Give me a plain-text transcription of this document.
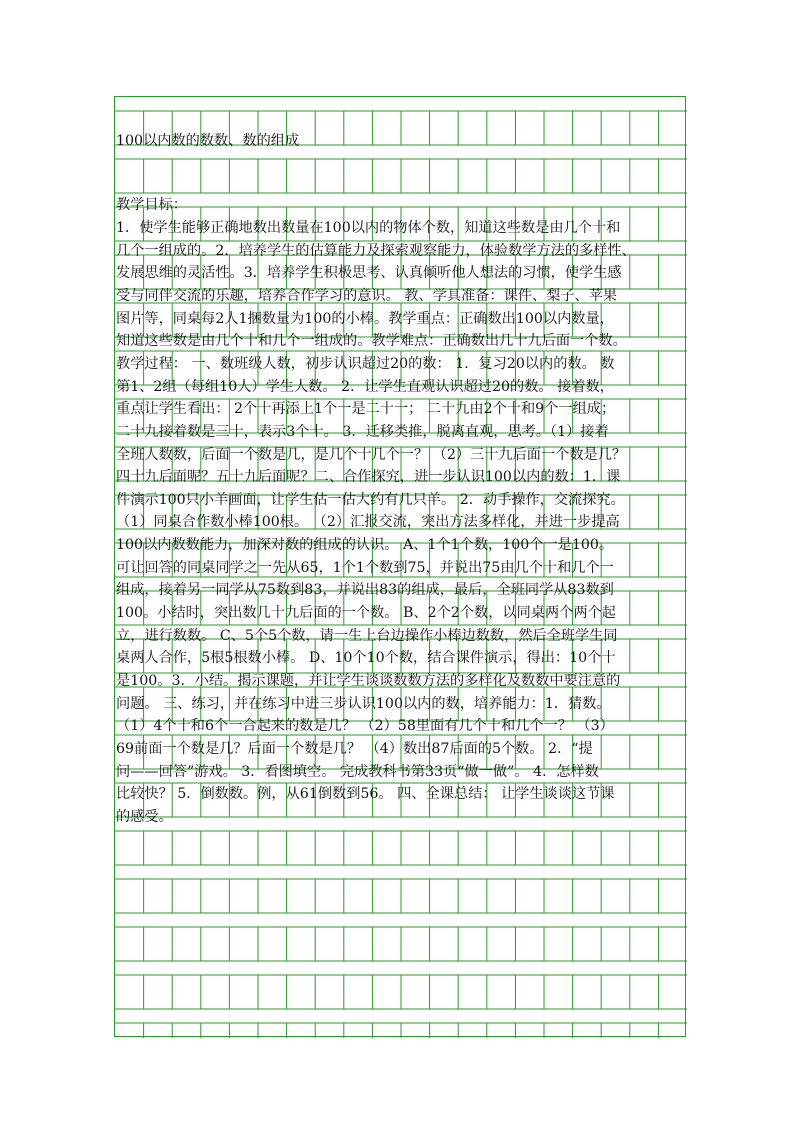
100以内数的数数、数的组成
教学目标：
1．使学生能够正确地数出数量在100以内的物体个数，知道这些数是由几个十和
几个一组成的。2．培养学生的估算能力及探索观察能力，体验数学方法的多样性、
发展思维的灵活性。3．培养学生积极思考、认真倾听他人想法的习惯，使学生感
受与同伴交流的乐趣，培养合作学习的意识。 教、学具准备：课件、梨子、苹果
图片等，同桌每2人1捆数量为100的小棒。教学重点：正确数出100以内数量，
知道这些数是由几个十和几个一组成的。教学难点：正确数出几十九后面一个数。
教学过程： 一、数班级人数，初步认识超过20的数： 1．复习20以内的数。 数
第1、2组（每组10人）学生人数。 2．让学生直观认识超过20的数。 接着数，
重点让学生看出： 2个十再添上1个一是二十一； 二十九由2个十和9个一组成；
二十九接着数是三十，表示3个十。 3．迁移类推，脱离直观，思考。（1）接着
全班人数数，后面一个数是几，是几个十几个一？ （2）三十九后面一个数是几？
四十九后面呢？五十九后面呢？二、合作探究，进一步认识100以内的数：1．课
件演示100只小羊画面，让学生估一估大约有几只羊。 2．动手操作，交流探究。
（1）同桌合作数小棒100根。 （2）汇报交流，突出方法多样化，并进一步提高
100以内数数能力，加深对数的组成的认识。 A、1个1个数，100个一是100。
可让回答的同桌同学之一先从65，1个1个数到75，并说出75由几个十和几个一
组成，接着另一同学从75数到83，并说出83的组成，最后，全班同学从83数到
100。小结时，突出数几十九后面的一个数。 B、2个2个数，以同桌两个两个起
立，进行数数。 C、5个5个数，请一生上台边操作小棒边数数，然后全班学生同
桌两人合作，5根5根数小棒。 D、10个10个数，结合课件演示，得出：10个十
是100。3．小结。揭示课题，并让学生谈谈数数方法的多样化及数数中要注意的
问题。 三、练习，并在练习中进三步认识100以内的数，培养能力：1．猜数。
（1）4个十和6个一合起来的数是几？ （2）58里面有几个十和几个一？ （3）
69前面一个数是几？后面一个数是几？ （4）数出87后面的5个数。 2．“提
问——回答”游戏。 3．看图填空。 完成教科书第33页“做一做”。 4．怎样数
比较快？ 5．倒数数。例，从61倒数到56。 四、全课总结： 让学生谈谈这节课
的感受。
